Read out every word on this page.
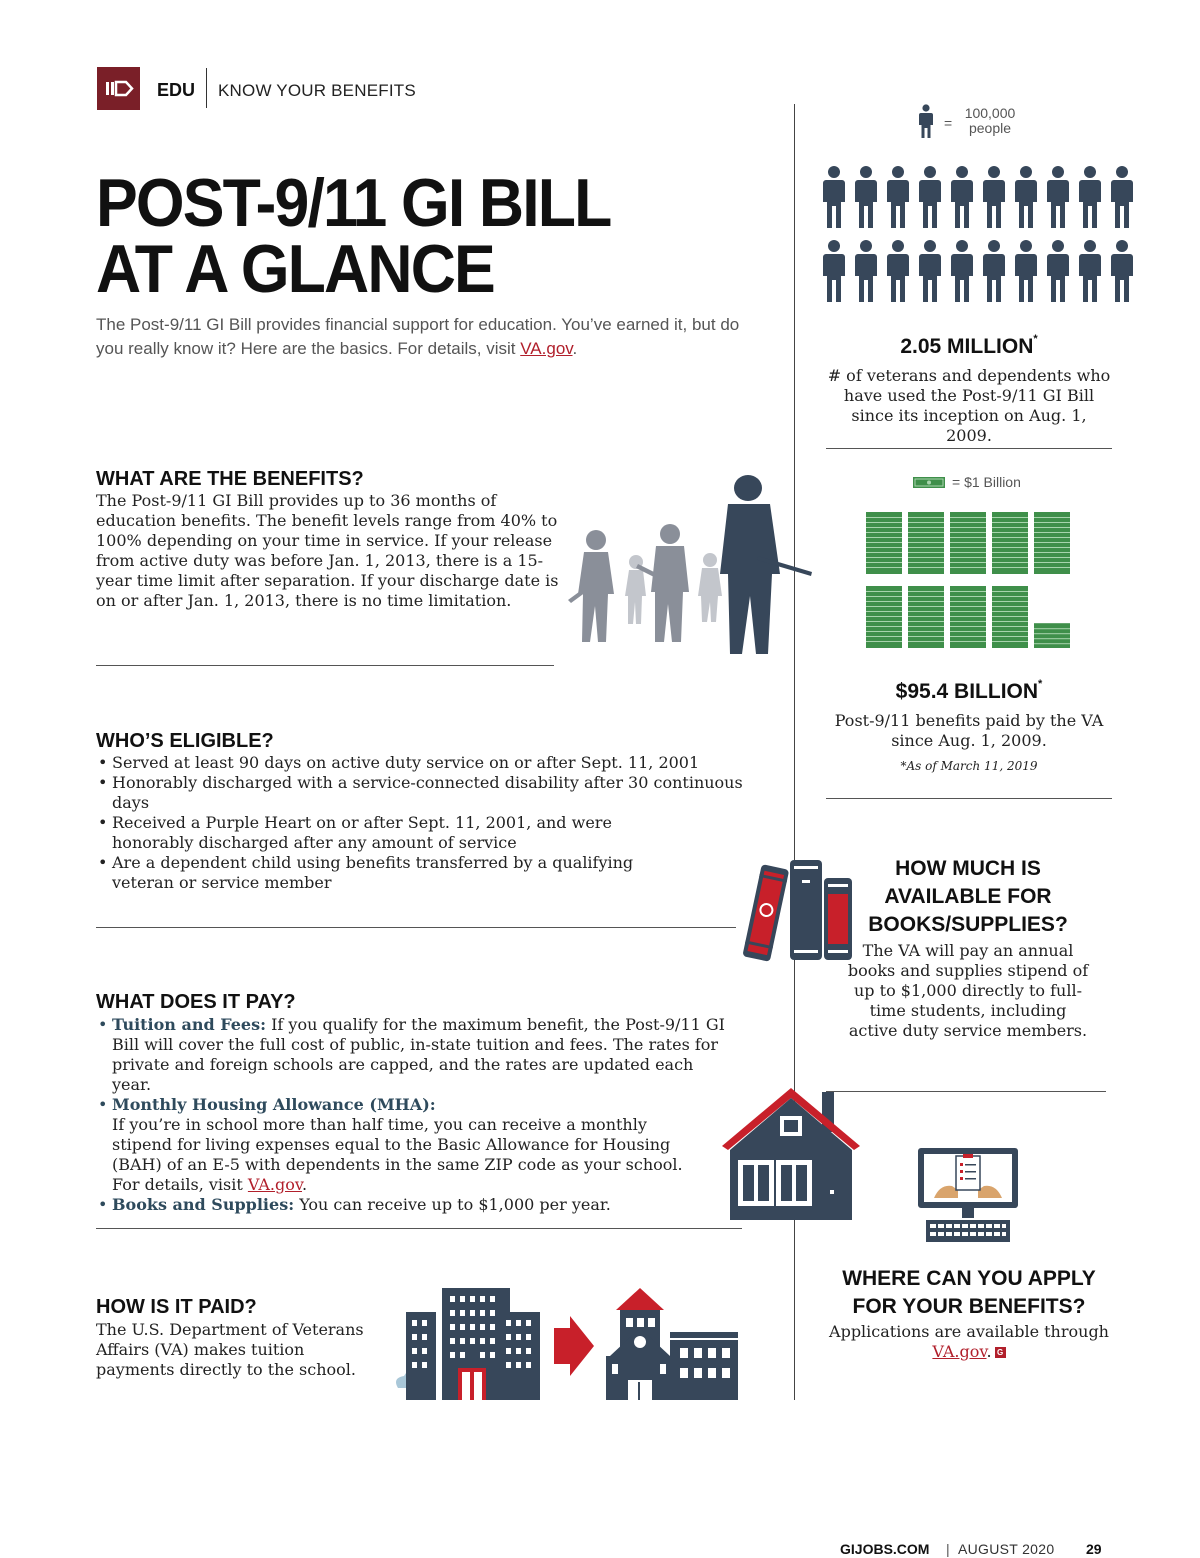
EDU KNOW YOUR BENEFITS
POST-9/11 GI BILL
AT A GLANCE
The Post-9/11 GI Bill provides financial support for education. You’ve earned it, but do you really know it? Here are the basics. For details, visit VA.gov.
WHAT ARE THE BENEFITS?
The Post-9/11 GI Bill provides up to 36 months of education benefits. The benefit levels range from 40% to 100% depending on your time in service. If your release from active duty was before Jan. 1, 2013, there is a 15-year time limit after separation. If your discharge date is on or after Jan. 1, 2013, there is no time limitation.
WHO’S ELIGIBLE?
• Served at least 90 days on active duty service on or after Sept. 11, 2001
• Honorably discharged with a service-connected disability after 30 continuous days
• Received a Purple Heart on or after Sept. 11, 2001, and were honorably discharged after any amount of service
• Are a dependent child using benefits transferred by a qualifying veteran or service member
WHAT DOES IT PAY?
• Tuition and Fees: If you qualify for the maximum benefit, the Post-9/11 GI Bill will cover the full cost of public, in-state tuition and fees. The rates for private and foreign schools are capped, and the rates are updated each year.
• Monthly Housing Allowance (MHA):
If you’re in school more than half time, you can receive a monthly stipend for living expenses equal to the Basic Allowance for Housing (BAH) of an E-5 with dependents in the same ZIP code as your school. For details, visit VA.gov.
• Books and Supplies: You can receive up to $1,000 per year.
HOW IS IT PAID?
The U.S. Department of Veterans Affairs (VA) makes tuition payments directly to the school.
=
100,000
people
2.05 MILLION*
# of veterans and dependents who have used the Post-9/11 GI Bill since its inception on Aug. 1, 2009.
= $1 Billion
$95.4 BILLION*
Post-9/11 benefits paid by the VA since Aug. 1, 2009.
*As of March 11, 2019
HOW MUCH IS
AVAILABLE FOR
BOOKS/SUPPLIES?
The VA will pay an annual books and supplies stipend of up to $1,000 directly to full-time students, including active duty service members.
WHERE CAN YOU APPLY
FOR YOUR BENEFITS?
Applications are available through VA.gov. G
GIJOBS.COM | AUGUST 2020 29
